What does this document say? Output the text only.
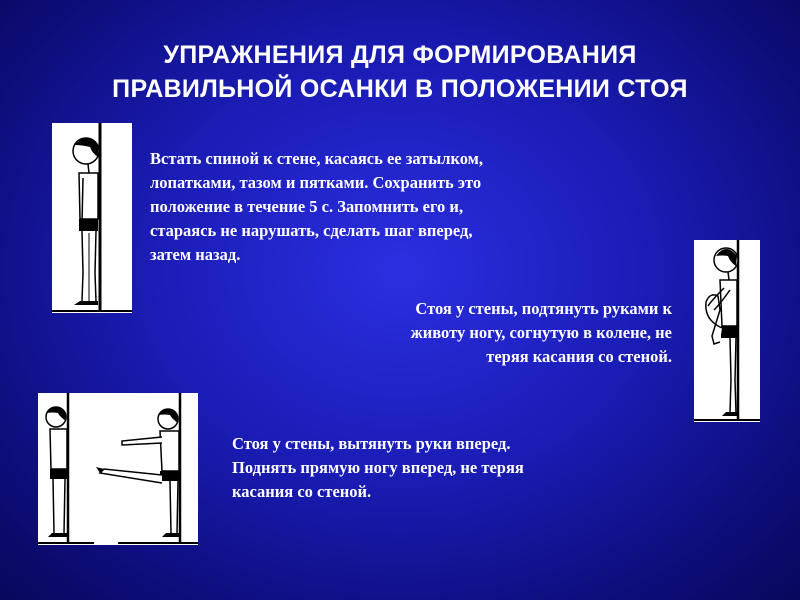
УПРАЖНЕНИЯ ДЛЯ ФОРМИРОВАНИЯ
ПРАВИЛЬНОЙ ОСАНКИ В ПОЛОЖЕНИИ СТОЯ
Встать спиной к стене, касаясь ее затылком,
лопатками, тазом и пятками. Сохранить это
положение в течение 5 с. Запомнить его и,
стараясь не нарушать, сделать шаг вперед,
затем назад.
Стоя у стены, подтянуть руками к
животу ногу, согнутую в колене, не
теряя касания со стеной.
Стоя у стены, вытянуть руки вперед.
Поднять прямую ногу вперед, не теряя
касания со стеной.
